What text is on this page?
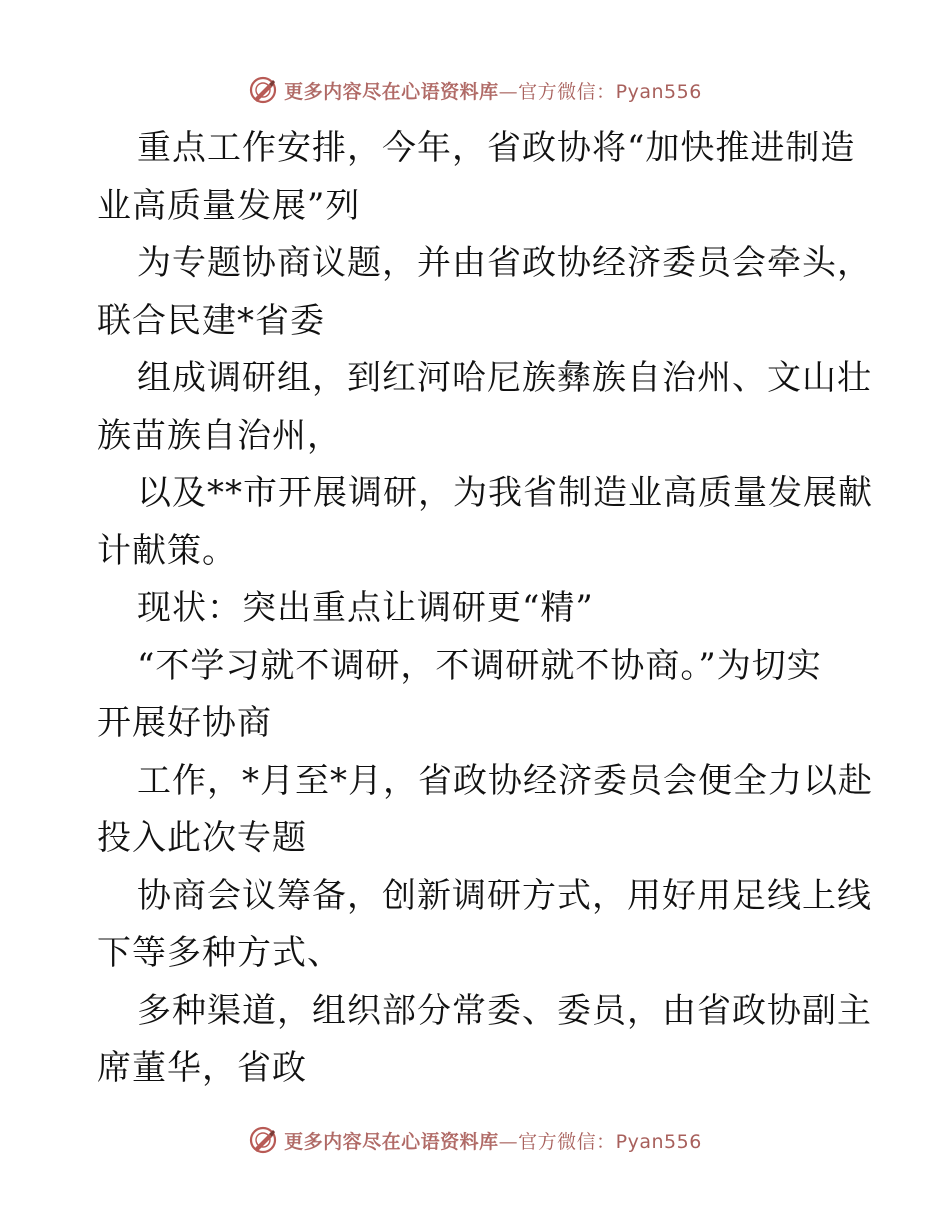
更多内容尽在心语资料库—官方微信：Pyan556
重点工作安排，今年，省政协将“加快推进制造
业高质量发展”列
为专题协商议题，并由省政协经济委员会牵头，
联合民建*省委
组成调研组，到红河哈尼族彝族自治州、文山壮
族苗族自治州，
以及**市开展调研，为我省制造业高质量发展献
计献策。
现状：突出重点让调研更“精”
“不学习就不调研，不调研就不协商。”为切实
开展好协商
工作，*月至*月，省政协经济委员会便全力以赴
投入此次专题
协商会议筹备，创新调研方式，用好用足线上线
下等多种方式、
多种渠道，组织部分常委、委员，由省政协副主
席董华，省政
更多内容尽在心语资料库—官方微信：Pyan556
